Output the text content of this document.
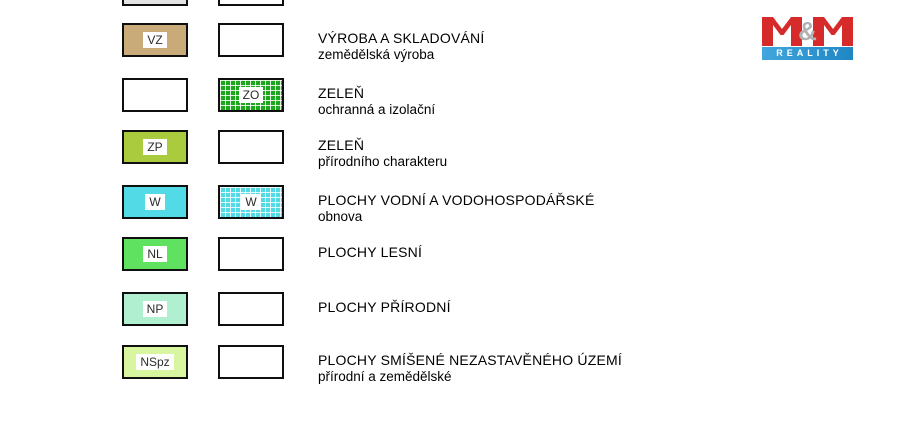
VZ	VÝROBA A SKLADOVÁNÍ
zemědělská výroba
ZO	ZELEŇ
ochranná a izolační
ZP	ZELEŇ
přírodního charakteru
W	W	PLOCHY VODNÍ A VODOHOSPODÁŘSKÉ
obnova
NL	PLOCHY LESNÍ
NP	PLOCHY PŘÍRODNÍ
NSpz	PLOCHY SMÍŠENÉ NEZASTAVĚNÉHO ÚZEMÍ
přírodní a zemědělské
&
REALITY
